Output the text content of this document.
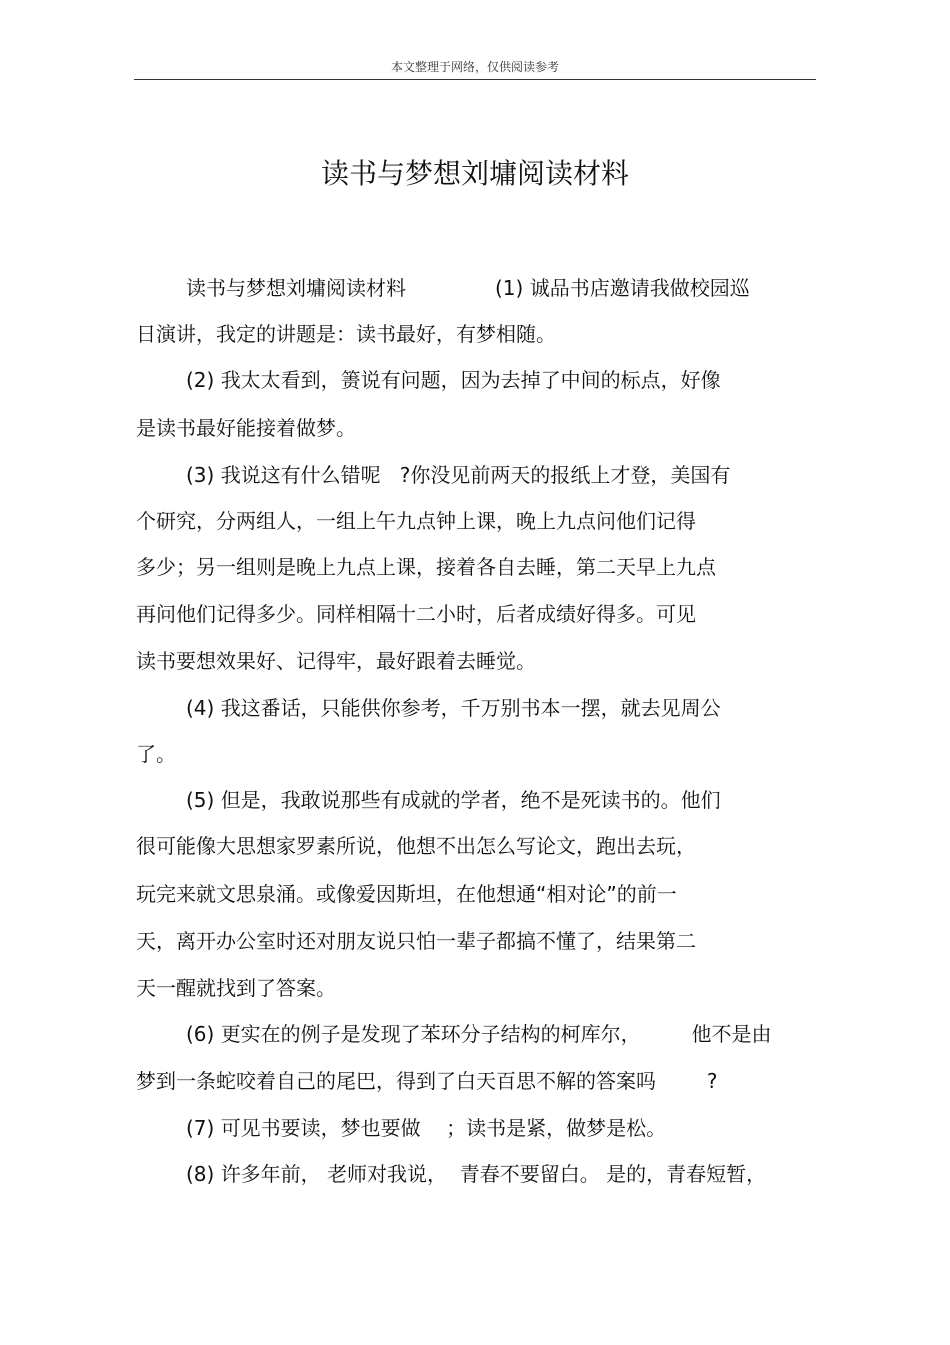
本文整理于网络，仅供阅读参考
读书与梦想刘墉阅读材料
读书与梦想刘墉阅读材料              (1) 诚品书店邀请我做校园巡
日演讲，我定的讲题是：读书最好，有梦相随。
(2) 我太太看到，箦说有问题，因为去掉了中间的标点，好像
是读书最好能接着做梦。
(3) 我说这有什么错呢   ?你没见前两天的报纸上才登，美国有
个研究，分两组人，一组上午九点钟上课，晚上九点问他们记得
多少；另一组则是晚上九点上课，接着各自去睡，第二天早上九点
再问他们记得多少。同样相隔十二小时，后者成绩好得多。可见
读书要想效果好、记得牢，最好跟着去睡觉。
(4) 我这番话，只能供你参考，千万别书本一摆，就去见周公
了。
(5) 但是，我敢说那些有成就的学者，绝不是死读书的。他们
很可能像大思想家罗素所说，他想不出怎么写论文，跑出去玩，
玩完来就文思泉涌。或像爱因斯坦，在他想通“相对论”的前一
天，离开办公室时还对朋友说只怕一辈子都搞不懂了，结果第二
天一醒就找到了答案。
(6) 更实在的例子是发现了苯环分子结构的柯库尔，        他不是由
梦到一条蛇咬着自己的尾巴，得到了白天百思不解的答案吗        ?
(7) 可见书要读，梦也要做    ；读书是紧，做梦是松。
(8) 许多年前， 老师对我说，  青春不要留白。 是的，青春短暂，
